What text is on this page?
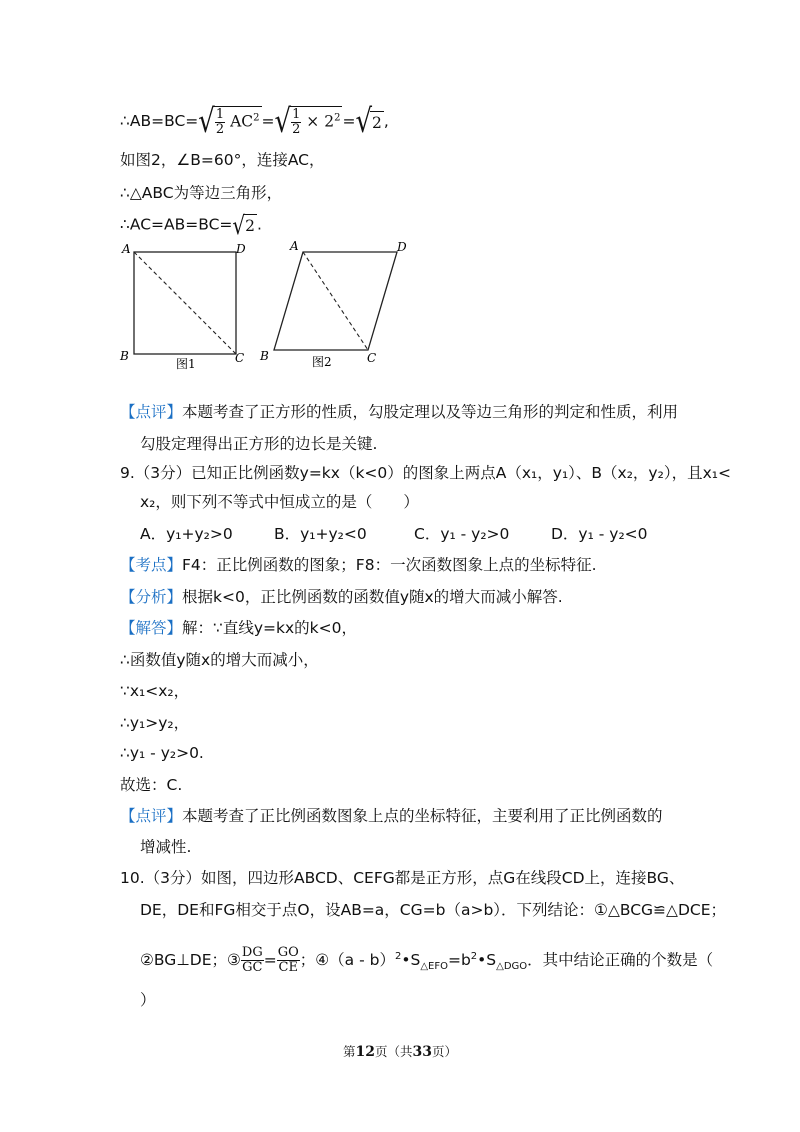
∴AB=BC=√ $\frac{1}{2} AC^2$ =√ $\frac{1}{2} \times 2^2 =√2$ ,
如图2，∠B=60°，连接AC，
∴△ABC为等边三角形，
∴AC=AB=BC=√2 .
A	D
B	C
图1
A	D
B	C
图2
【点评】本题考查了正方形的性质，勾股定理以及等边三角形的判定和性质，利用
勾股定理得出正方形的边长是关键.
9.（3分）已知正比例函数y=kx（k<0）的图象上两点A（x₁，y₁）、B（x₂，y₂），且x₁<
x₂，则下列不等式中恒成立的是（　　）
A．y₁+y₂>0	B．y₁+y₂<0	C．y₁ - y₂>0	D．y₁ - y₂<0
【考点】F4：正比例函数的图象；F8：一次函数图象上点的坐标特征.
【分析】根据k<0，正比例函数的函数值y随x的增大而减小解答.
【解答】解：∵直线y=kx的k<0，
∴函数值y随x的增大而减小，
∵x₁<x₂，
∴y₁>y₂，
∴y₁ - y₂>0.
故选：C.
【点评】本题考查了正比例函数图象上点的坐标特征，主要利用了正比例函数的
增减性.
10.（3分）如图，四边形ABCD、CEFG都是正方形，点G在线段CD上，连接BG、
DE，DE和FG相交于点O，设AB=a，CG=b（a>b）．下列结论：①△BCG≌△DCE；
②BG⊥DE；③ $\frac{DG}{GC} = \frac{GO}{CE}$ ；④（a - $b)^2•S_{\triangle EFO}=b^2•S_{\triangle DGO}$．其中结论正确的个数是（
）
第12页（共33页）
